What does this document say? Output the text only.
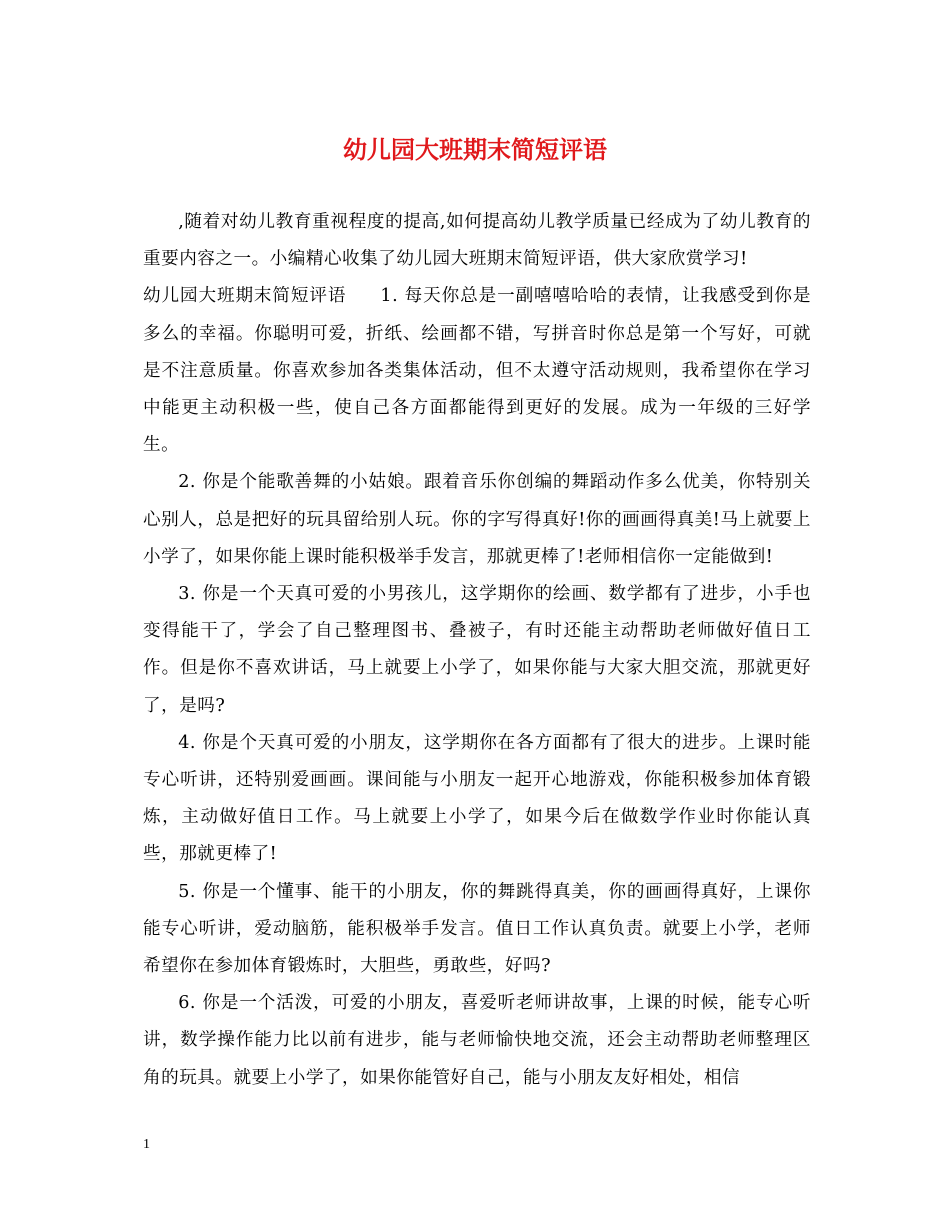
幼儿园大班期末简短评语

,随着对幼儿教育重视程度的提高,如何提高幼儿教学质量已经成为了幼儿教育的重要内容之一。小编精心收集了幼儿园大班期末简短评语，供大家欣赏学习!

幼儿园大班期末简短评语 1. 每天你总是一副嘻嘻哈哈的表情，让我感受到你是多么的幸福。你聪明可爱，折纸、绘画都不错，写拼音时你总是第一个写好，可就是不注意质量。你喜欢参加各类集体活动，但不太遵守活动规则，我希望你在学习中能更主动积极一些，使自己各方面都能得到更好的发展。成为一年级的三好学生。

2. 你是个能歌善舞的小姑娘。跟着音乐你创编的舞蹈动作多么优美，你特别关心别人，总是把好的玩具留给别人玩。你的字写得真好!你的画画得真美!马上就要上小学了，如果你能上课时能积极举手发言，那就更棒了!老师相信你一定能做到!

3. 你是一个天真可爱的小男孩儿，这学期你的绘画、数学都有了进步，小手也变得能干了，学会了自己整理图书、叠被子，有时还能主动帮助老师做好值日工作。但是你不喜欢讲话，马上就要上小学了，如果你能与大家大胆交流，那就更好了，是吗?

4. 你是个天真可爱的小朋友，这学期你在各方面都有了很大的进步。上课时能专心听讲，还特别爱画画。课间能与小朋友一起开心地游戏，你能积极参加体育锻炼，主动做好值日工作。马上就要上小学了，如果今后在做数学作业时你能认真些，那就更棒了!

5. 你是一个懂事、能干的小朋友，你的舞跳得真美，你的画画得真好，上课你能专心听讲，爱动脑筋，能积极举手发言。值日工作认真负责。就要上小学，老师希望你在参加体育锻炼时，大胆些，勇敢些，好吗?

6. 你是一个活泼，可爱的小朋友，喜爱听老师讲故事，上课的时候，能专心听讲，数学操作能力比以前有进步，能与老师愉快地交流，还会主动帮助老师整理区角的玩具。就要上小学了，如果你能管好自己，能与小朋友友好相处，相信

1
